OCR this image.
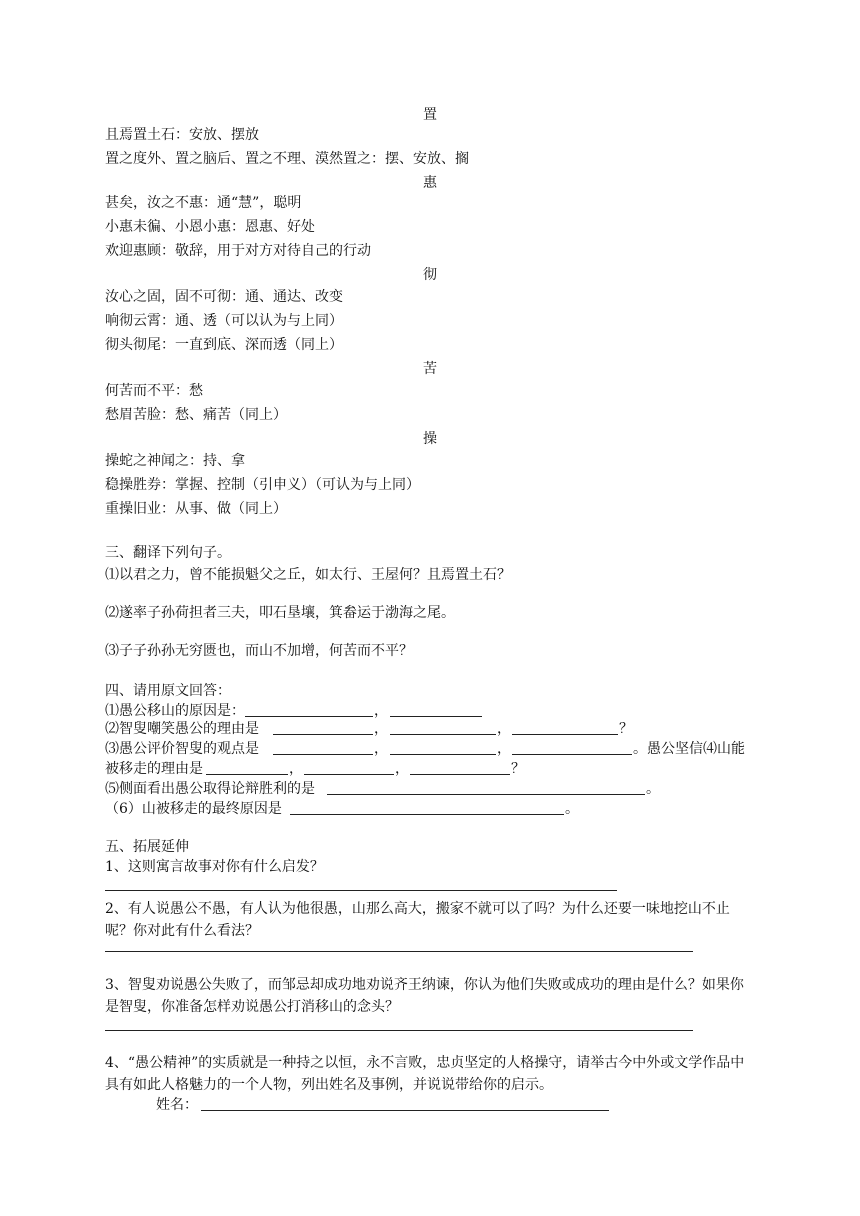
置
且焉置土石：安放、摆放
置之度外、置之脑后、置之不理、漠然置之：摆、安放、搁
惠
甚矣，汝之不惠：通“慧”，聪明
小惠未徧、小恩小惠：恩惠、好处
欢迎惠顾：敬辞，用于对方对待自己的行动
彻
汝心之固，固不可彻：通、通达、改变
响彻云霄：通、透（可以认为与上同）
彻头彻尾：一直到底、深而透（同上）
苦
何苦而不平：愁
愁眉苦脸：愁、痛苦（同上）
操
操蛇之神闻之：持、拿
稳操胜券：掌握、控制（引申义）（可认为与上同）
重操旧业：从事、做（同上）
三、翻译下列句子。
⑴以君之力，曾不能损魁父之丘，如太行、王屋何？且焉置土石？
⑵遂率子孙荷担者三夫，叩石垦壤，箕畚运于渤海之尾。
⑶子子孙孙无穷匮也，而山不加增，何苦而不平？
四、请用原文回答：
⑴愚公移山的原因是：	，
⑵智叟嘲笑愚公的理由是	，	，	？
⑶愚公评价智叟的观点是	，	，	。愚公坚信⑷山能
被移走的理由是	，	，	？
⑸侧面看出愚公取得论辩胜利的是	。
（6）山被移走的最终原因是	。
五、拓展延伸
1、这则寓言故事对你有什么启发？
2、有人说愚公不愚，有人认为他很愚，山那么高大，搬家不就可以了吗？为什么还要一味地挖山不止呢？你对此有什么看法？
3、智叟劝说愚公失败了，而邹忌却成功地劝说齐王纳谏，你认为他们失败或成功的理由是什么？如果你是智叟，你准备怎样劝说愚公打消移山的念头？
4、“愚公精神”的实质就是一种持之以恒，永不言败，忠贞坚定的人格操守，请举古今中外或文学作品中具有如此人格魅力的一个人物，列出姓名及事例，并说说带给你的启示。
姓名：
